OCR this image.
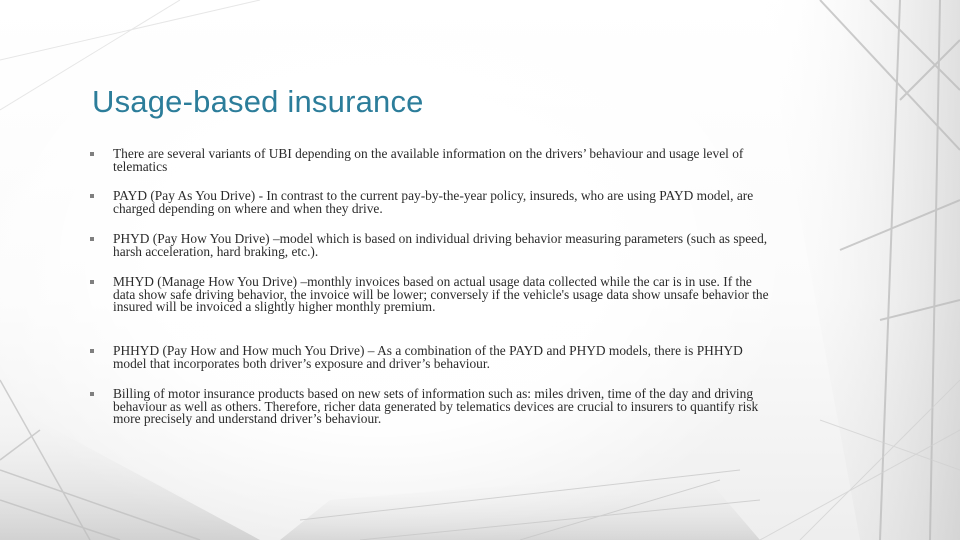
Usage-based insurance
There are several variants of UBI depending on the available information on the drivers’ behaviour and usage level of telematics
PAYD (Pay As You Drive) - In contrast to the current pay-by-the-year policy, insureds, who are using PAYD model, are charged depending on where and when they drive.
PHYD (Pay How You Drive) –model which is based on individual driving behavior measuring parameters (such as speed, harsh acceleration, hard braking, etc.).
MHYD (Manage How You Drive) –monthly invoices based on actual usage data collected while the car is in use. If the data show safe driving behavior, the invoice will be lower; conversely if the vehicle's usage data show unsafe behavior the insured will be invoiced a slightly higher monthly premium.
PHHYD (Pay How and How much You Drive) – As a combination of the PAYD and PHYD models, there is PHHYD model that incorporates both driver’s exposure and driver’s behaviour.
Billing of motor insurance products based on new sets of information such as: miles driven, time of the day and driving behaviour as well as others. Therefore, richer data generated by telematics devices are crucial to insurers to quantify risk more precisely and understand driver’s behaviour.
